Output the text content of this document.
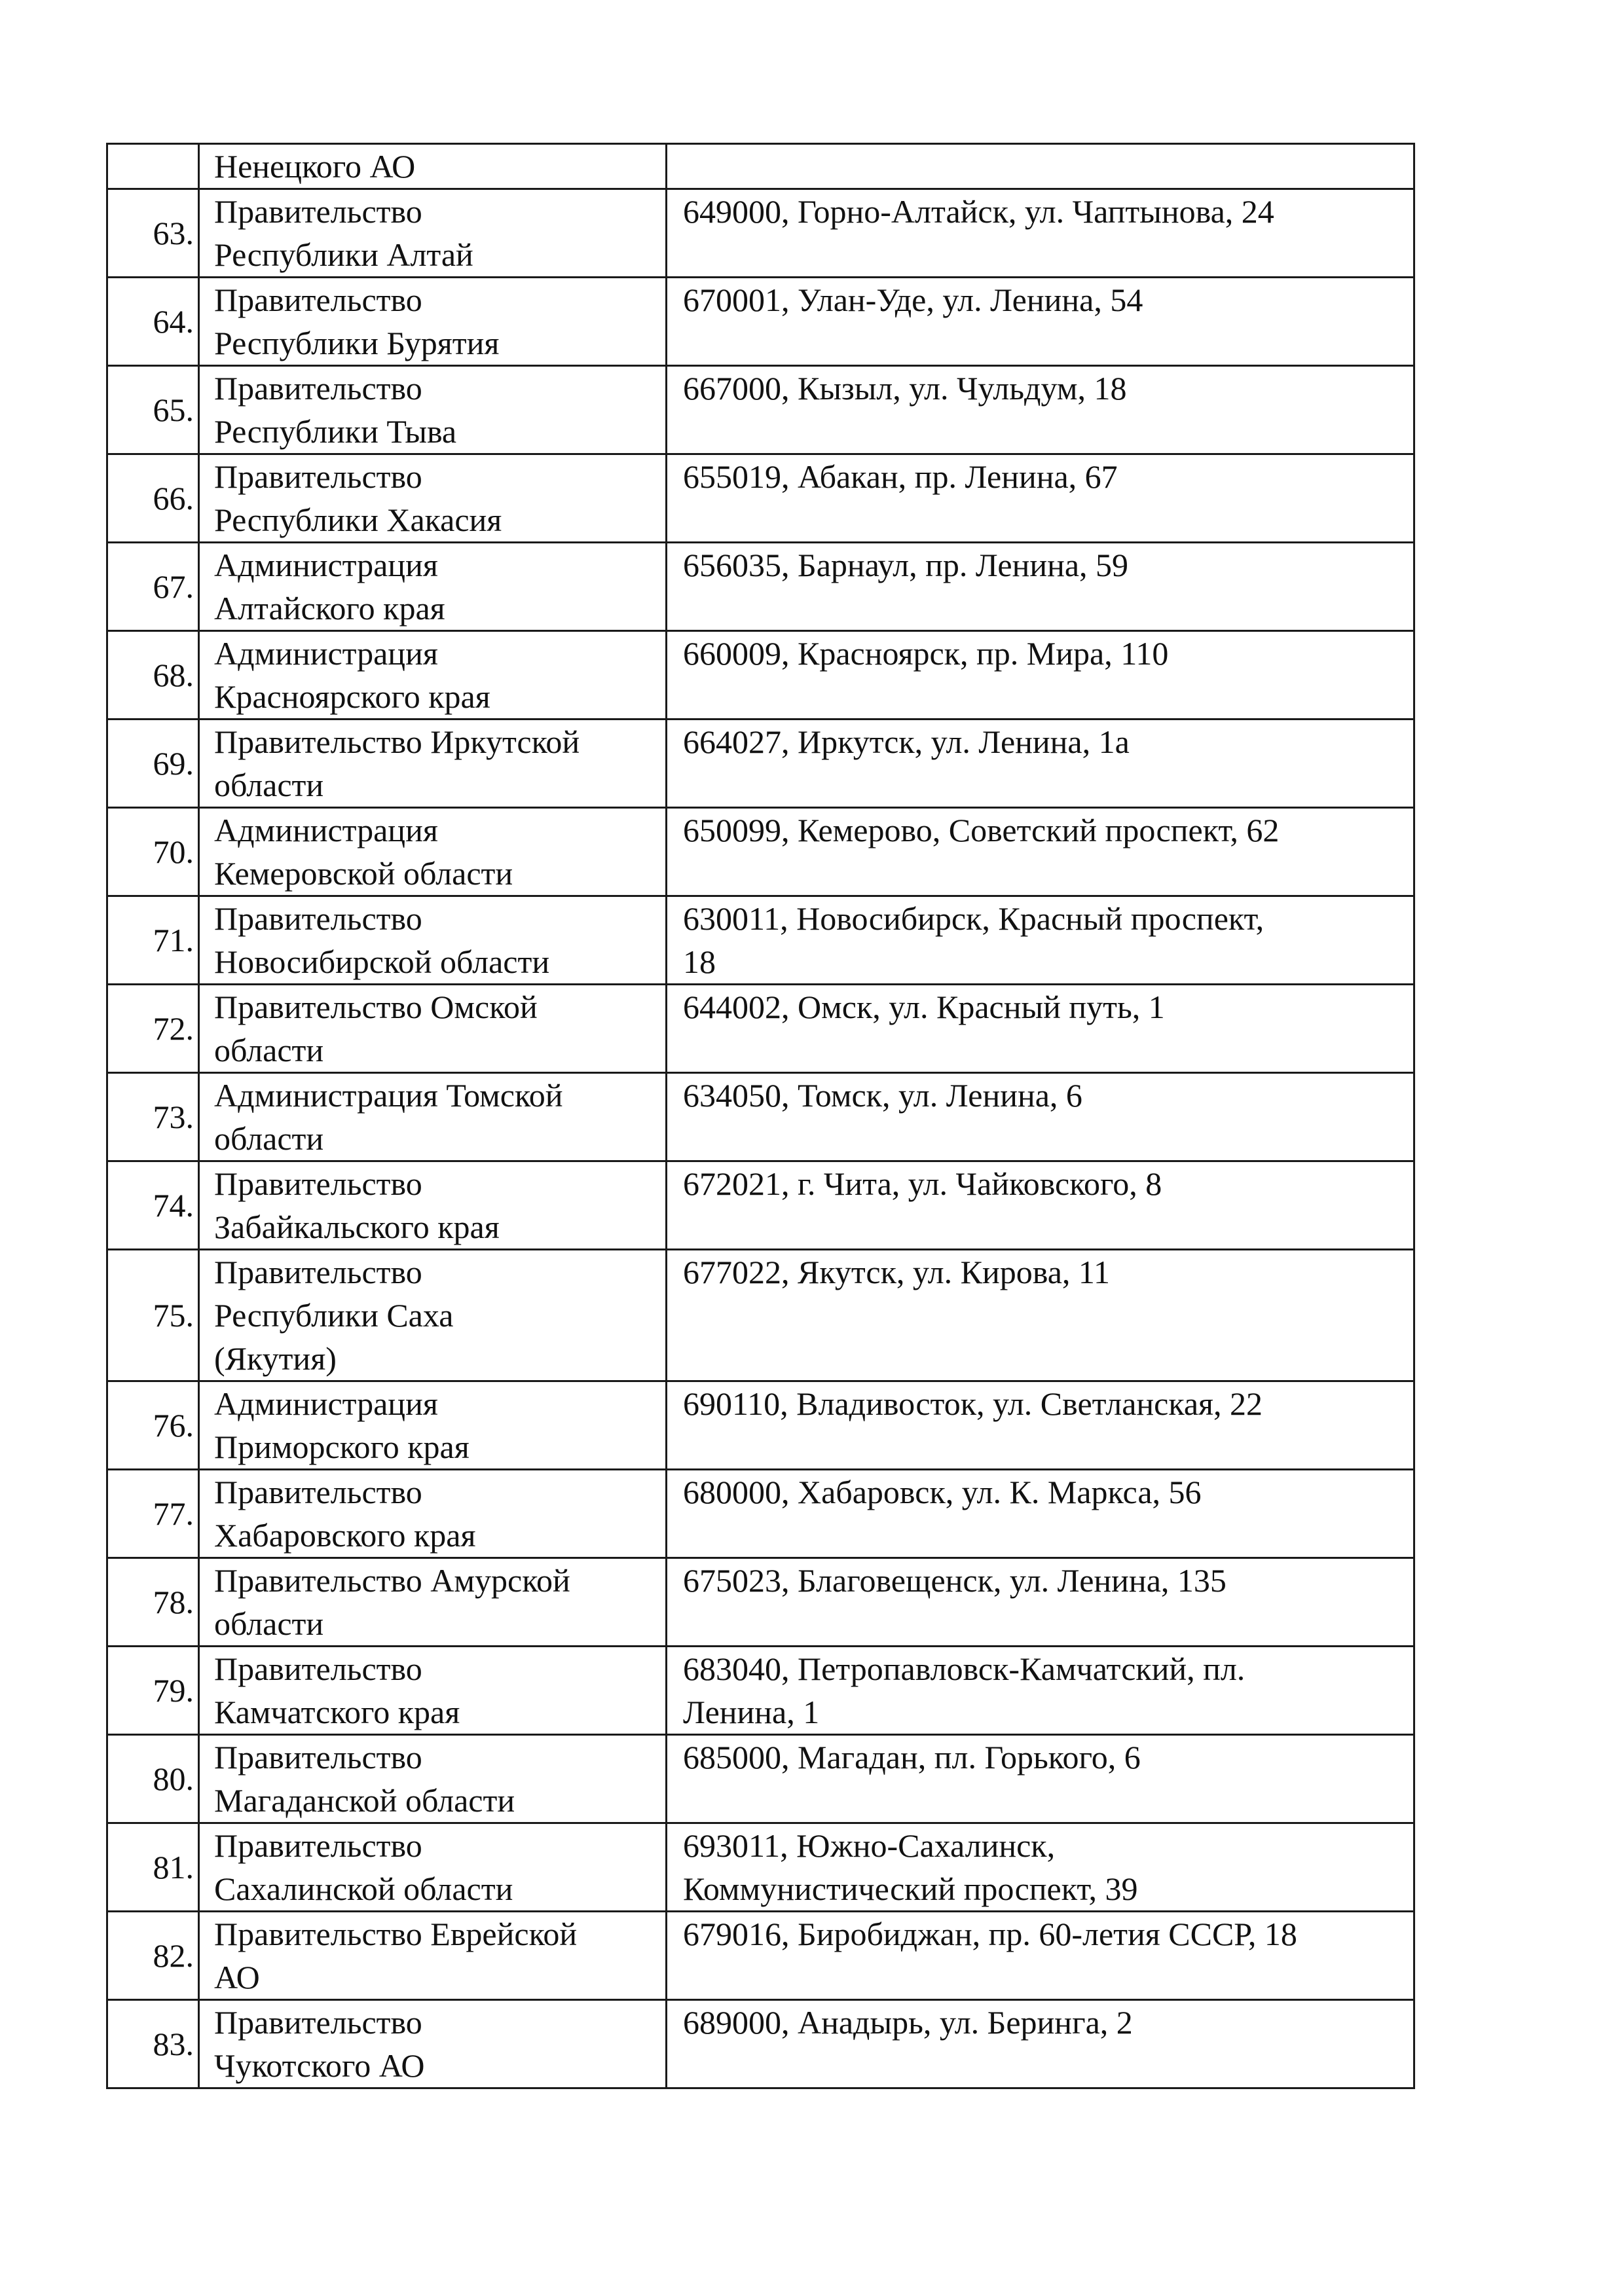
	Ненецкого АО	

63.	Правительство
Республики Алтай	649000, Горно-Алтайск, ул. Чаптынова, 24

64.	Правительство
Республики Бурятия	670001, Улан-Уде, ул. Ленина, 54

65.	Правительство
Республики Тыва	667000, Кызыл, ул. Чульдум, 18

66.	Правительство
Республики Хакасия	655019, Абакан, пр. Ленина, 67

67.	Администрация
Алтайского края	656035, Барнаул, пр. Ленина, 59

68.	Администрация
Красноярского края	660009, Красноярск, пр. Мира, 110

69.	Правительство Иркутской
области	664027, Иркутск, ул. Ленина, 1а

70.	Администрация
Кемеровской области	650099, Кемерово, Советский проспект, 62

71.	Правительство
Новосибирской области	630011, Новосибирск, Красный проспект,
18

72.	Правительство Омской
области	644002, Омск, ул. Красный путь, 1

73.	Администрация Томской
области	634050, Томск, ул. Ленина, 6

74.	Правительство
Забайкальского края	672021, г. Чита, ул. Чайковского, 8

75.	Правительство
Республики Саха
(Якутия)	677022, Якутск, ул. Кирова, 11

76.	Администрация
Приморского края	690110, Владивосток, ул. Светланская, 22

77.	Правительство
Хабаровского края	680000, Хабаровск, ул. К. Маркса, 56

78.	Правительство Амурской
области	675023, Благовещенск, ул. Ленина, 135

79.	Правительство
Камчатского края	683040, Петропавловск-Камчатский, пл.
Ленина, 1

80.	Правительство
Магаданской области	685000, Магадан, пл. Горького, 6

81.	Правительство
Сахалинской области	693011, Южно-Сахалинск,
Коммунистический проспект, 39

82.	Правительство Еврейской
АО	679016, Биробиджан, пр. 60-летия СССР, 18

83.	Правительство
Чукотского АО	689000, Анадырь, ул. Беринга, 2
